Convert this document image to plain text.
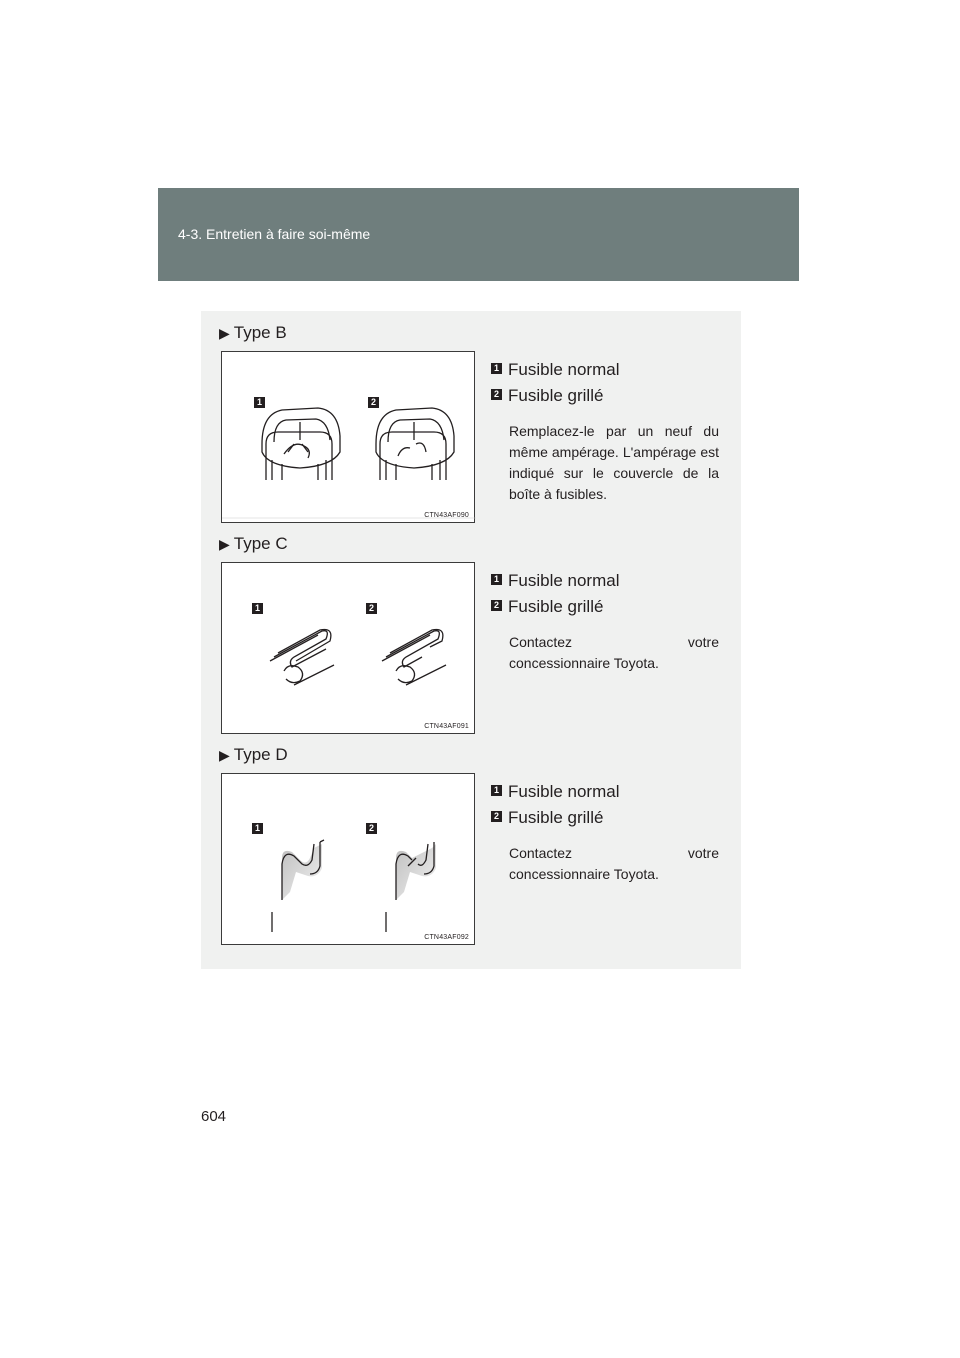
4-3. Entretien à faire soi-même
▶ Type B
1	2
CTN43AF090
1 Fusible normal
2 Fusible grillé
Remplacez-le par un neuf du même ampérage. L'ampérage est indiqué sur le couvercle de la boîte à fusibles.
▶ Type C
1	2
CTN43AF091
1 Fusible normal
2 Fusible grillé
Contactez votre
concessionnaire Toyota.
▶ Type D
1	2
CTN43AF092
1 Fusible normal
2 Fusible grillé
Contactez votre
concessionnaire Toyota.
604
